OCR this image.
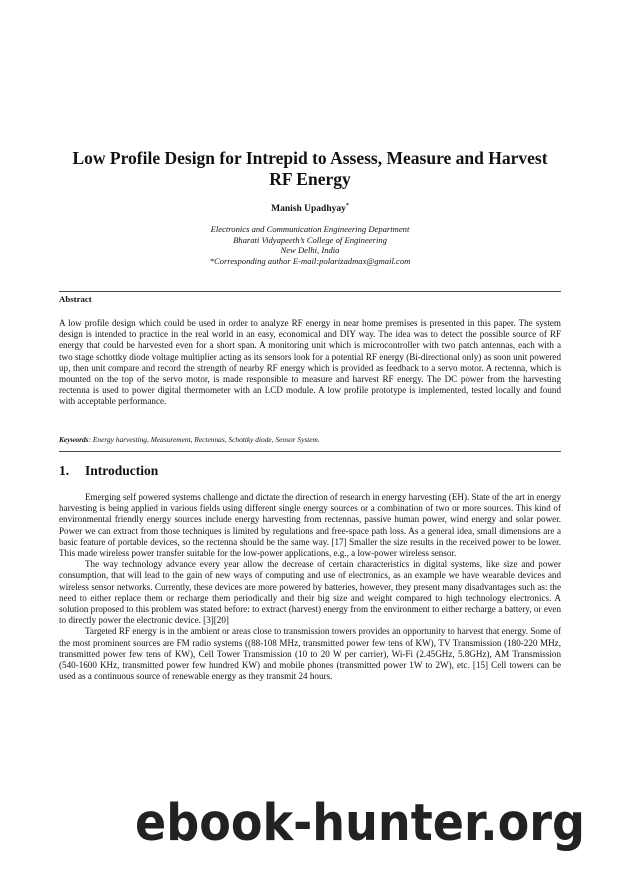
Low Profile Design for Intrepid to Assess, Measure and Harvest RF Energy
Manish Upadhyay*
Electronics and Communication Engineering Department
Bharati Vidyapeeth’s College of Engineering
New Delhi, India
*Corresponding author E-mail:polarizadmax@gmail.com
Abstract

A low profile design which could be used in order to analyze RF energy in near home premises is presented in this paper. The system design is intended to practice in the real world in an easy, economical and DIY way. The idea was to detect the possible source of RF energy that could be harvested even for a short span. A monitoring unit which is microcontroller with two patch antennas, each with a two stage schottky diode voltage multiplier acting as its sensors look for a potential RF energy (Bi-directional only) as soon unit powered up, then unit compare and record the strength of nearby RF energy which is provided as feedback to a servo motor. A rectenna, which is mounted on the top of the servo motor, is made responsible to measure and harvest RF energy. The DC power from the harvesting rectenna is used to power digital thermometer with an LCD module. A low profile prototype is implemented, tested locally and found with acceptable performance.

Keywords: Energy harvesting, Measurement, Rectennas, Schottky diode, Sensor System.
1. Introduction

Emerging self powered systems challenge and dictate the direction of research in energy harvesting (EH). State of the art in energy harvesting is being applied in various fields using different single energy sources or a combination of two or more sources. This kind of environmental friendly energy sources include energy harvesting from rectennas, passive human power, wind energy and solar power. Power we can extract from those techniques is limited by regulations and free-space path loss. As a general idea, small dimensions are a basic feature of portable devices, so the rectenna should be the same way. [17] Smaller the size results in the received power to be lower. This made wireless power transfer suitable for the low-power applications, e.g., a low-power wireless sensor.

The way technology advance every year allow the decrease of certain characteristics in digital systems, like size and power consumption, that will lead to the gain of new ways of computing and use of electronics, as an example we have wearable devices and wireless sensor networks. Currently, these devices are more powered by batteries, however, they present many disadvantages such as: the need to either replace them or recharge them periodically and their big size and weight compared to high technology electronics. A solution proposed to this problem was stated before: to extract (harvest) energy from the environment to either recharge a battery, or even to directly power the electronic device. [3][20]

Targeted RF energy is in the ambient or areas close to transmission towers provides an opportunity to harvest that energy. Some of the most prominent sources are FM radio systems ((88-108 MHz, transmitted power few tens of KW), TV Transmission (180-220 MHz, transmitted power few tens of KW), Cell Tower Transmission (10 to 20 W per carrier), Wi-Fi (2.45GHz, 5.8GHz), AM Transmission (540-1600 KHz, transmitted power few hundred KW) and mobile phones (transmitted power 1W to 2W), etc. [15] Cell towers can be used as a continuous source of renewable energy as they transmit 24 hours.

ebook-hunter.org
